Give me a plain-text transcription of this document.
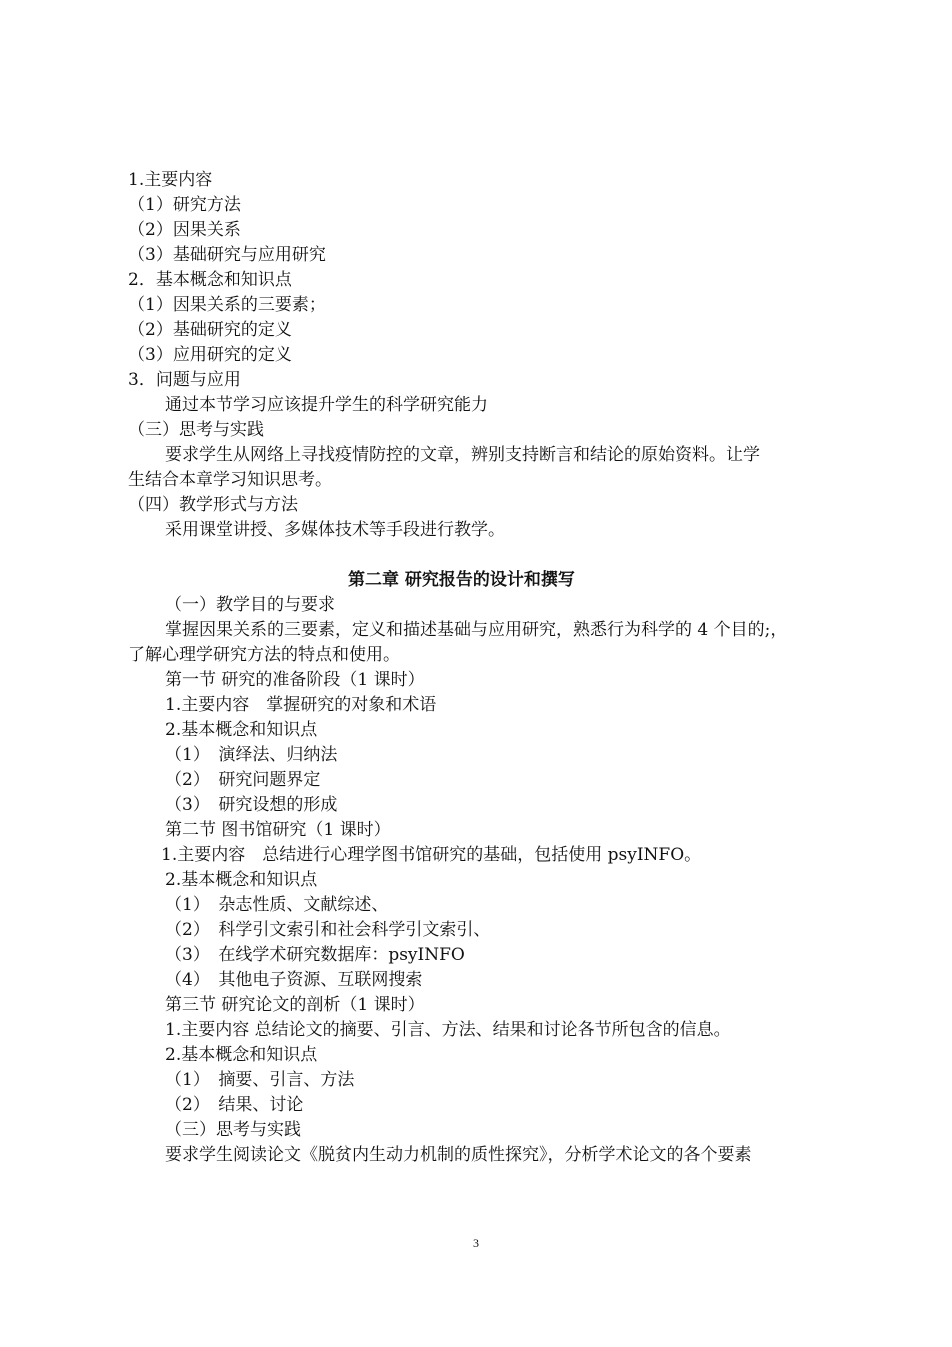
1.主要内容
（1）研究方法
（2）因果关系
（3）基础研究与应用研究
2．基本概念和知识点
（1）因果关系的三要素；
（2）基础研究的定义
（3）应用研究的定义
3．问题与应用
通过本节学习应该提升学生的科学研究能力
（三）思考与实践
要求学生从网络上寻找疫情防控的文章，辨别支持断言和结论的原始资料。让学
生结合本章学习知识思考。
（四）教学形式与方法
采用课堂讲授、多媒体技术等手段进行教学。
第二章 研究报告的设计和撰写
（一）教学目的与要求
掌握因果关系的三要素，定义和描述基础与应用研究，熟悉行为科学的 4 个目的;，
了解心理学研究方法的特点和使用。
第一节 研究的准备阶段（1 课时）
1.主要内容　掌握研究的对象和术语
2.基本概念和知识点
（1）　演绎法、归纳法
（2）　研究问题界定
（3）　研究设想的形成
第二节 图书馆研究（1 课时）
1.主要内容　总结进行心理学图书馆研究的基础，包括使用 psyINFO。
2.基本概念和知识点
（1）　杂志性质、文献综述、
（2）　科学引文索引和社会科学引文索引、
（3）　在线学术研究数据库：psyINFO
（4）　其他电子资源、互联网搜索
第三节 研究论文的剖析（1 课时）
1.主要内容 总结论文的摘要、引言、方法、结果和讨论各节所包含的信息。
2.基本概念和知识点
（1）　摘要、引言、方法
（2）　结果、讨论
（三）思考与实践
要求学生阅读论文《脱贫内生动力机制的质性探究》，分析学术论文的各个要素
3
